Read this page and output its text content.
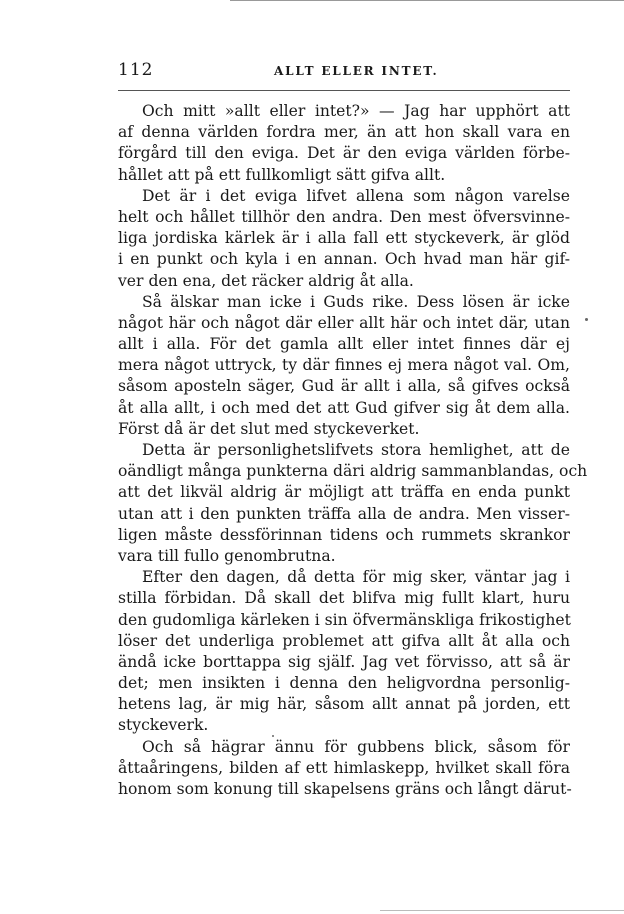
112	ALLT ELLER INTET.
Och mitt »allt eller intet?» — Jag har upphört att
af denna världen fordra mer, än att hon skall vara en
förgård till den eviga. Det är den eviga världen förbe-
hållet att på ett fullkomligt sätt gifva allt.
Det är i det eviga lifvet allena som någon varelse
helt och hållet tillhör den andra. Den mest öfversvinne-
liga jordiska kärlek är i alla fall ett styckeverk, är glöd
i en punkt och kyla i en annan. Och hvad man här gif-
ver den ena, det räcker aldrig åt alla.
Så älskar man icke i Guds rike. Dess lösen är icke
något här och något där eller allt här och intet där, utan
allt i alla. För det gamla allt eller intet finnes där ej
mera något uttryck, ty där finnes ej mera något val. Om,
såsom aposteln säger, Gud är allt i alla, så gifves också
åt alla allt, i och med det att Gud gifver sig åt dem alla.
Först då är det slut med styckeverket.
Detta är personlighetslifvets stora hemlighet, att de
oändligt många punkterna däri aldrig sammanblandas, och
att det likväl aldrig är möjligt att träffa en enda punkt
utan att i den punkten träffa alla de andra. Men visser-
ligen måste dessförinnan tidens och rummets skrankor
vara till fullo genombrutna.
Efter den dagen, då detta för mig sker, väntar jag i
stilla förbidan. Då skall det blifva mig fullt klart, huru
den gudomliga kärleken i sin öfvermänskliga frikostighet
löser det underliga problemet att gifva allt åt alla och
ändå icke borttappa sig själf. Jag vet förvisso, att så är
det; men insikten i denna den heligvordna personlig-
hetens lag, är mig här, såsom allt annat på jorden, ett
styckeverk.
Och så hägrar ännu för gubbens blick, såsom för
åttaåringens, bilden af ett himlaskepp, hvilket skall föra
honom som konung till skapelsens gräns och långt därut-
